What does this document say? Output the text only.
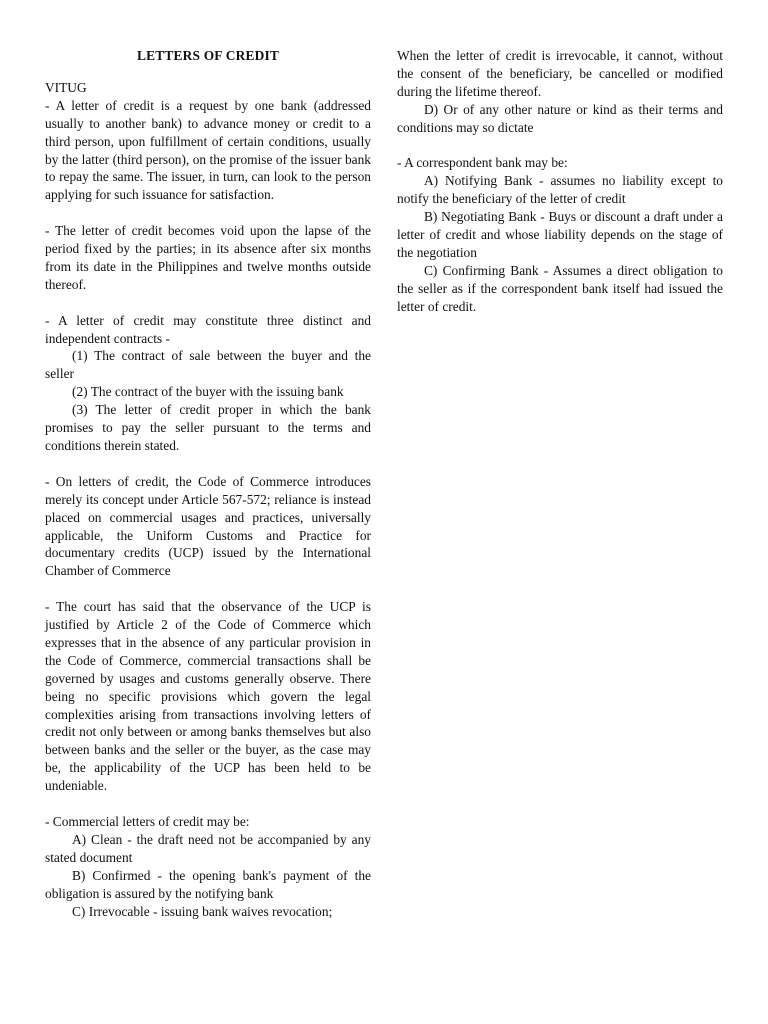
LETTERS OF CREDIT

VITUG

- A letter of credit is a request by one bank (addressed usually to another bank) to advance money or credit to a third person, upon fulfillment of certain conditions, usually by the latter (third person), on the promise of the issuer bank to repay the same. The issuer, in turn, can look to the person applying for such issuance for satisfaction.

- The letter of credit becomes void upon the lapse of the period fixed by the parties; in its absence after six months from its date in the Philippines and twelve months outside thereof.

- A letter of credit may constitute three distinct and independent contracts -

(1) The contract of sale between the buyer and the seller

(2) The contract of the buyer with the issuing bank

(3) The letter of credit proper in which the bank promises to pay the seller pursuant to the terms and conditions therein stated.

- On letters of credit, the Code of Commerce introduces merely its concept under Article 567-572; reliance is instead placed on commercial usages and practices, universally applicable, the Uniform Customs and Practice for documentary credits (UCP) issued by the International Chamber of Commerce

- The court has said that the observance of the UCP is justified by Article 2 of the Code of Commerce which expresses that in the absence of any particular provision in the Code of Commerce, commercial transactions shall be governed by usages and customs generally observe. There being no specific provisions which govern the legal complexities arising from transactions involving letters of credit not only between or among banks themselves but also between banks and the seller or the buyer, as the case may be, the applicability of the UCP has been held to be undeniable.

- Commercial letters of credit may be:

A) Clean - the draft need not be accompanied by any stated document

B) Confirmed - the opening bank's payment of the obligation is assured by the notifying bank

C) Irrevocable - issuing bank waives revocation;

When the letter of credit is irrevocable, it cannot, without the consent of the beneficiary, be cancelled or modified during the lifetime thereof.

D) Or of any other nature or kind as their terms and conditions may so dictate

- A correspondent bank may be:

A) Notifying Bank - assumes no liability except to notify the beneficiary of the letter of credit

B) Negotiating Bank - Buys or discount a draft under a letter of credit and whose liability depends on the stage of the negotiation

C) Confirming Bank - Assumes a direct obligation to the seller as if the correspondent bank itself had issued the letter of credit.
